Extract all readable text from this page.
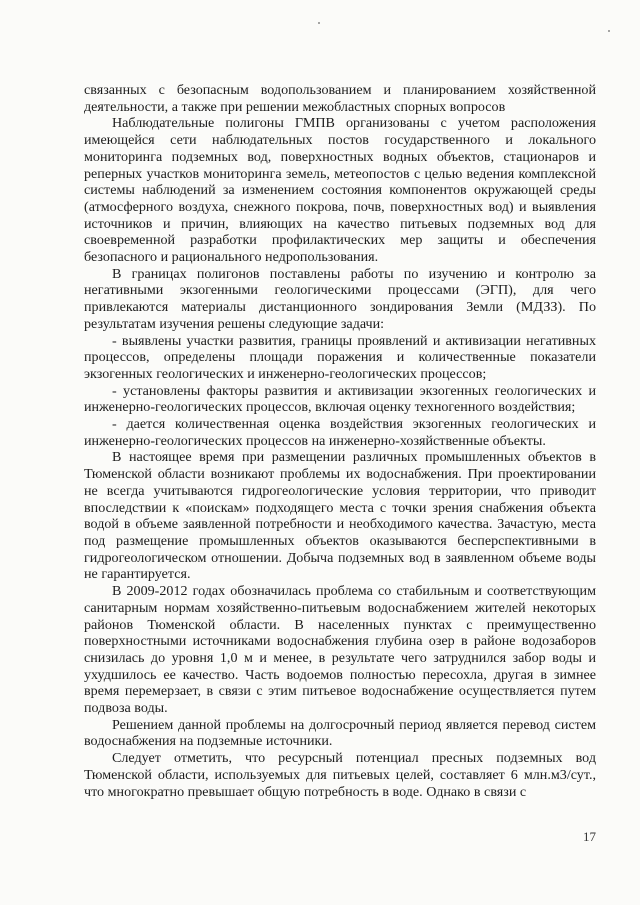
связанных с безопасным водопользованием и планированием хозяйственной деятельности, а также при решении межобластных спорных вопросов

Наблюдательные полигоны ГМПВ организованы с учетом расположения имеющейся сети наблюдательных постов государственного и локального мониторинга подземных вод, поверхностных водных объектов, стационаров и реперных участков мониторинга земель, метеопостов с целью ведения комплексной системы наблюдений за изменением состояния компонентов окружающей среды (атмосферного воздуха, снежного покрова, почв, поверхностных вод) и выявления источников и причин, влияющих на качество питьевых подземных вод для своевременной разработки профилактических мер защиты и обеспечения безопасного и рационального недропользования.

В границах полигонов поставлены работы по изучению и контролю за негативными экзогенными геологическими процессами (ЭГП), для чего привлекаются материалы дистанционного зондирования Земли (МДЗЗ). По результатам изучения решены следующие задачи:

- выявлены участки развития, границы проявлений и активизации негативных процессов, определены площади поражения и количественные показатели экзогенных геологических и инженерно-геологических процессов;

- установлены факторы развития и активизации экзогенных геологических и инженерно-геологических процессов, включая оценку техногенного воздействия;

- дается количественная оценка воздействия экзогенных геологических и инженерно-геологических процессов на инженерно-хозяйственные объекты.

В настоящее время при размещении различных промышленных объектов в Тюменской области возникают проблемы их водоснабжения. При проектировании не всегда учитываются гидрогеологические условия территории, что приводит впоследствии к «поискам» подходящего места с точки зрения снабжения объекта водой в объеме заявленной потребности и необходимого качества. Зачастую, места под размещение промышленных объектов оказываются бесперспективными в гидрогеологическом отношении. Добыча подземных вод в заявленном объеме воды не гарантируется.

В 2009-2012 годах обозначилась проблема со стабильным и соответствующим санитарным нормам хозяйственно-питьевым водоснабжением жителей некоторых районов Тюменской области. В населенных пунктах с преимущественно поверхностными источниками водоснабжения глубина озер в районе водозаборов снизилась до уровня 1,0 м и менее, в результате чего затруднился забор воды и ухудшилось ее качество. Часть водоемов полностью пересохла, другая в зимнее время перемерзает, в связи с этим питьевое водоснабжение осуществляется путем подвоза воды.

Решением данной проблемы на долгосрочный период является перевод систем водоснабжения на подземные источники.

Следует отметить, что ресурсный потенциал пресных подземных вод Тюменской области, используемых для питьевых целей, составляет 6 млн.м3/сут., что многократно превышает общую потребность в воде. Однако в связи с

17
